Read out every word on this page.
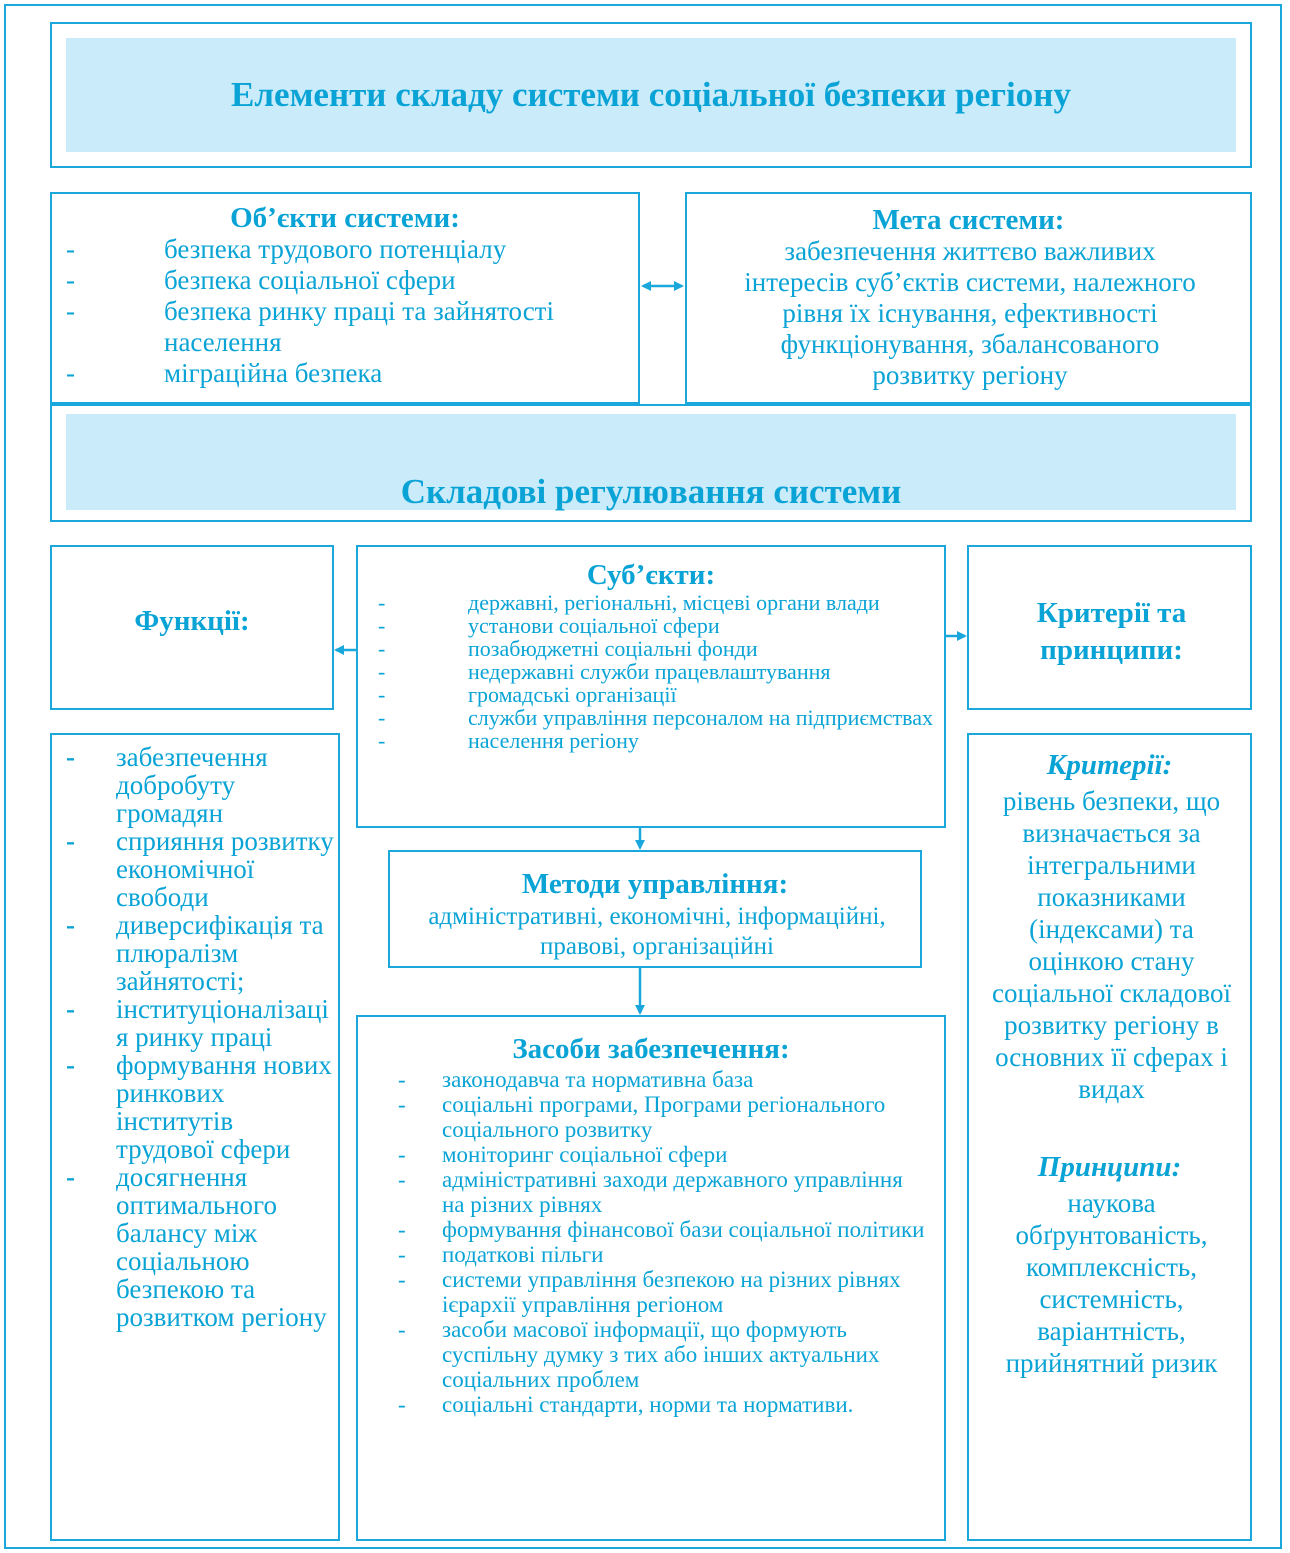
Елементи складу системи соціальної безпеки регіону
Об’єкти системи:
-	безпека трудового потенціалу
-	безпека соціальної сфери
-	безпека ринку праці та зайнятості населення
-	міграційна безпека
Мета системи:
забезпечення життєво важливих інтересів суб’єктів системи, належного рівня їх існування, ефективності функціонування, збалансованого розвитку регіону
Складові регулювання системи
Функції:
Суб’єкти:
-	державні, регіональні, місцеві органи влади
-	установи соціальної сфери
-	позабюджетні соціальні фонди
-	недержавні служби працевлаштування
-	громадські організації
-	служби управління персоналом на підприємствах
-	населення регіону
Критерії та принципи:
- забезпечення добробуту громадян
- сприяння розвитку економічної свободи
- диверсифікація та плюралізм зайнятості;
- інституціоналізація ринку праці
- формування нових ринкових інститутів трудової сфери
- досягнення оптимального балансу між соціальною безпекою та розвитком регіону
Методи управління:
адміністративні, економічні, інформаційні, правові, організаційні
Засоби забезпечення:
- законодавча та нормативна база
- соціальні програми, Програми регіонального соціального розвитку
- моніторинг соціальної сфери
- адміністративні заходи державного управління на різних рівнях
- формування фінансової бази соціальної політики
- податкові пільги
- системи управління безпекою на різних рівнях ієрархії управління регіоном
- засоби масової інформації, що формують суспільну думку з тих або інших актуальних соціальних проблем
- соціальні стандарти, норми та нормативи.
Критерії:
рівень безпеки, що визначається за інтегральними показниками (індексами) та оцінкою стану соціальної складової розвитку регіону в основних її сферах і видах
Принципи:
наукова обґрунтованість, комплексність, системність, варіантність, прийнятний ризик
